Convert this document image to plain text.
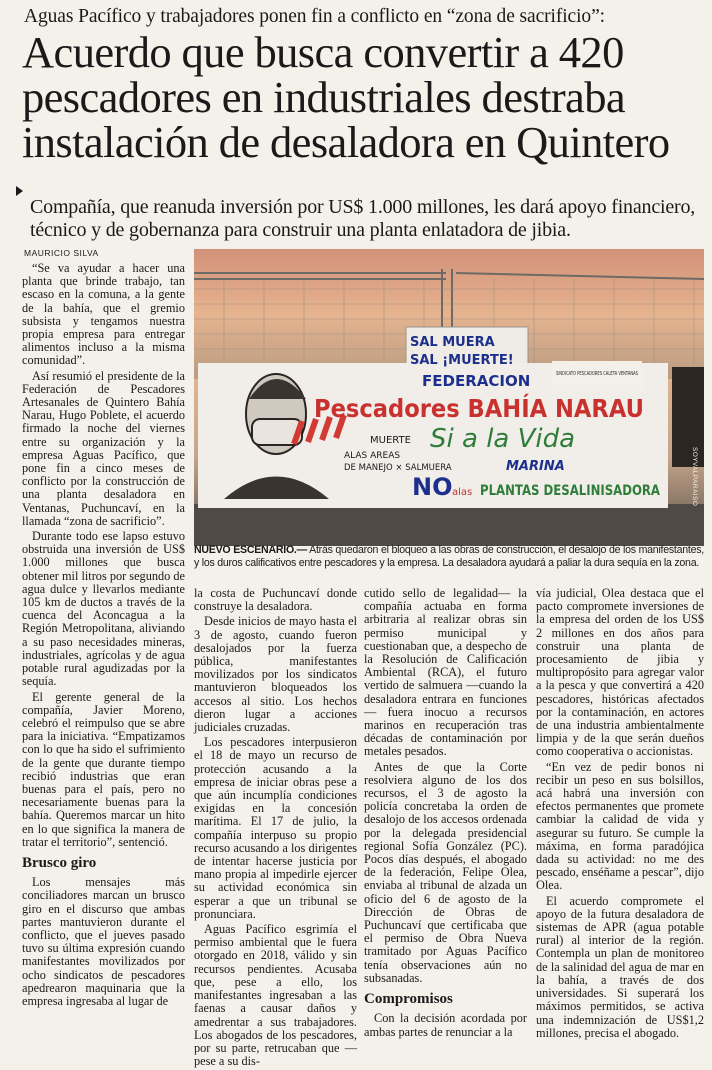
Aguas Pacífico y trabajadores ponen fin a conflicto en “zona de sacrificio”:
Acuerdo que busca convertir a 420
pescadores en industriales destraba
instalación de desaladora en Quintero
Compañía, que reanuda inversión por US$ 1.000 millones, les dará apoyo financiero,
técnico y de gobernanza para construir una planta enlatadora de jibia.
MAURICIO SILVA
SAL MUERA
SAL ¡MUERTE!
FEDERACION
Pescadores BAHÍA NARAU
MUERTE
ALAS AREAS
DE MANEJO × SALMUERA
Si a la Vida
MARINA
NO alas PLANTAS DESALINISADORA
SINDICATO PESCADORES CALETA VENTANAS
SOYVALPARAISO
NUEVO ESCENARIO.— Atrás quedaron el bloqueo a las obras de construcción, el desalojo de los manifestantes, y los duros calificativos entre pescadores y la empresa. La desaladora ayudará a paliar la dura sequía en la zona.

“Se va ayudar a hacer una planta que brinde trabajo, tan escaso en la comuna, a la gente de la bahía, que el gremio subsista y tengamos nuestra propia empresa para entregar alimentos incluso a la misma comunidad”.

Así resumió el presidente de la Federación de Pescadores Artesanales de Quintero Bahía Narau, Hugo Poblete, el acuerdo firmado la noche del viernes entre su organización y la empresa Aguas Pacífico, que pone fin a cinco meses de conflicto por la construcción de una planta desaladora en Ventanas, Puchuncaví, en la llamada “zona de sacrificio”.

Durante todo ese lapso estuvo obstruida una inversión de US$ 1.000 millones que busca obtener mil litros por segundo de agua dulce y llevarlos mediante 105 km de ductos a través de la cuenca del Aconcagua a la Región Metropolitana, aliviando a su paso necesidades mineras, industriales, agrícolas y de agua potable rural agudizadas por la sequía.

El gerente general de la compañía, Javier Moreno, celebró el reimpulso que se abre para la iniciativa. “Empatizamos con lo que ha sido el sufrimiento de la gente que durante tiempo recibió industrias que eran buenas para el país, pero no necesariamente buenas para la bahía. Queremos marcar un hito en lo que significa la manera de tratar el territorio”, sentenció.

Brusco giro

Los mensajes más conciliadores marcan un brusco giro en el discurso que ambas partes mantuvieron durante el conflicto, que el jueves pasado tuvo su última expresión cuando manifestantes movilizados por ocho sindicatos de pescadores apedrearon maquinaria que la empresa ingresaba al lugar de

la costa de Puchuncaví donde construye la desaladora.

Desde inicios de mayo hasta el 3 de agosto, cuando fueron desalojados por la fuerza pública, manifestantes movilizados por los sindicatos mantuvieron bloqueados los accesos al sitio. Los hechos dieron lugar a acciones judiciales cruzadas.

Los pescadores interpusieron el 18 de mayo un recurso de protección acusando a la empresa de iniciar obras pese a que aún incumplía condiciones exigidas en la concesión marítima. El 17 de julio, la compañía interpuso su propio recurso acusando a los dirigentes de intentar hacerse justicia por mano propia al impedirle ejercer su actividad económica sin esperar a que un tribunal se pronunciara.

Aguas Pacífico esgrimía el permiso ambiental que le fuera otorgado en 2018, válido y sin recursos pendientes. Acusaba que, pese a ello, los manifestantes ingresaban a las faenas a causar daños y amedrentar a sus trabajadores. Los abogados de los pescadores, por su parte, retrucaban que —pese a su dis-

cutido sello de legalidad— la compañía actuaba en forma arbitraria al realizar obras sin permiso municipal y cuestionaban que, a despecho de la Resolución de Calificación Ambiental (RCA), el futuro vertido de salmuera —cuando la desaladora entrara en funciones— fuera inocuo a recursos marinos en recuperación tras décadas de contaminación por metales pesados.

Antes de que la Corte resolviera alguno de los dos recursos, el 3 de agosto la policía concretaba la orden de desalojo de los accesos ordenada por la delegada presidencial regional Sofía González (PC). Pocos días después, el abogado de la federación, Felipe Olea, enviaba al tribunal de alzada un oficio del 6 de agosto de la Dirección de Obras de Puchuncaví que certificaba que el permiso de Obra Nueva tramitado por Aguas Pacífico tenía observaciones aún no subsanadas.

Compromisos

Con la decisión acordada por ambas partes de renunciar a la

vía judicial, Olea destaca que el pacto compromete inversiones de la empresa del orden de los US$ 2 millones en dos años para construir una planta de procesamiento de jibia y multipropósito para agregar valor a la pesca y que convertirá a 420 pescadores, históricas afectados por la contaminación, en actores de una industria ambientalmente limpia y de la que serán dueños como cooperativa o accionistas.

“En vez de pedir bonos ni recibir un peso en sus bolsillos, acá habrá una inversión con efectos permanentes que promete cambiar la calidad de vida y asegurar su futuro. Se cumple la máxima, en forma paradójica dada su actividad: no me des pescado, enséñame a pescar”, dijo Olea.

El acuerdo compromete el apoyo de la futura desaladora de sistemas de APR (agua potable rural) al interior de la región. Contempla un plan de monitoreo de la salinidad del agua de mar en la bahía, a través de dos universidades. Si superará los máximos permitidos, se activa una indemnización de US$1,2 millones, precisa el abogado.
